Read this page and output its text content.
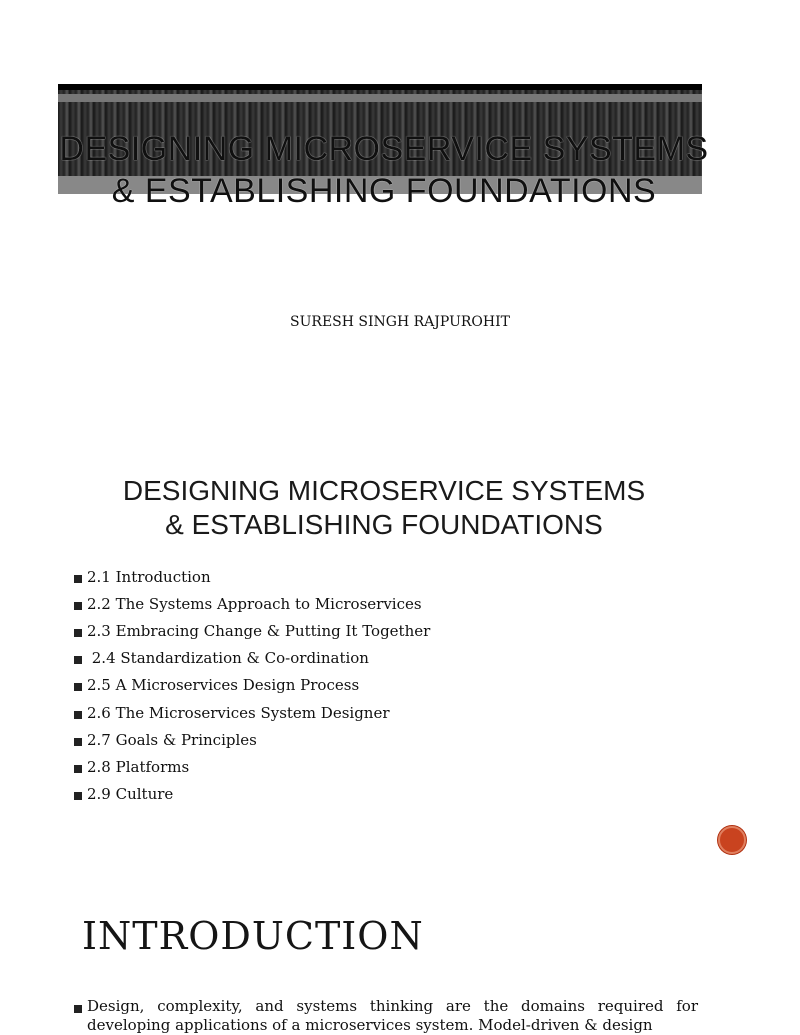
DESIGNING MICROSERVICE SYSTEMS
& ESTABLISHING FOUNDATIONS
SURESH SINGH RAJPUROHIT
DESIGNING MICROSERVICE SYSTEMS
& ESTABLISHING FOUNDATIONS
2.1 Introduction
2.2 The Systems Approach to Microservices
2.3 Embracing Change & Putting It Together
2.4 Standardization & Co-ordination
2.5 A Microservices Design Process
2.6 The Microservices System Designer
2.7 Goals & Principles
2.8 Platforms
2.9 Culture
INTRODUCTION
Design, complexity, and systems thinking are the domains required for developing applications of a microservices system. Model-driven & design
